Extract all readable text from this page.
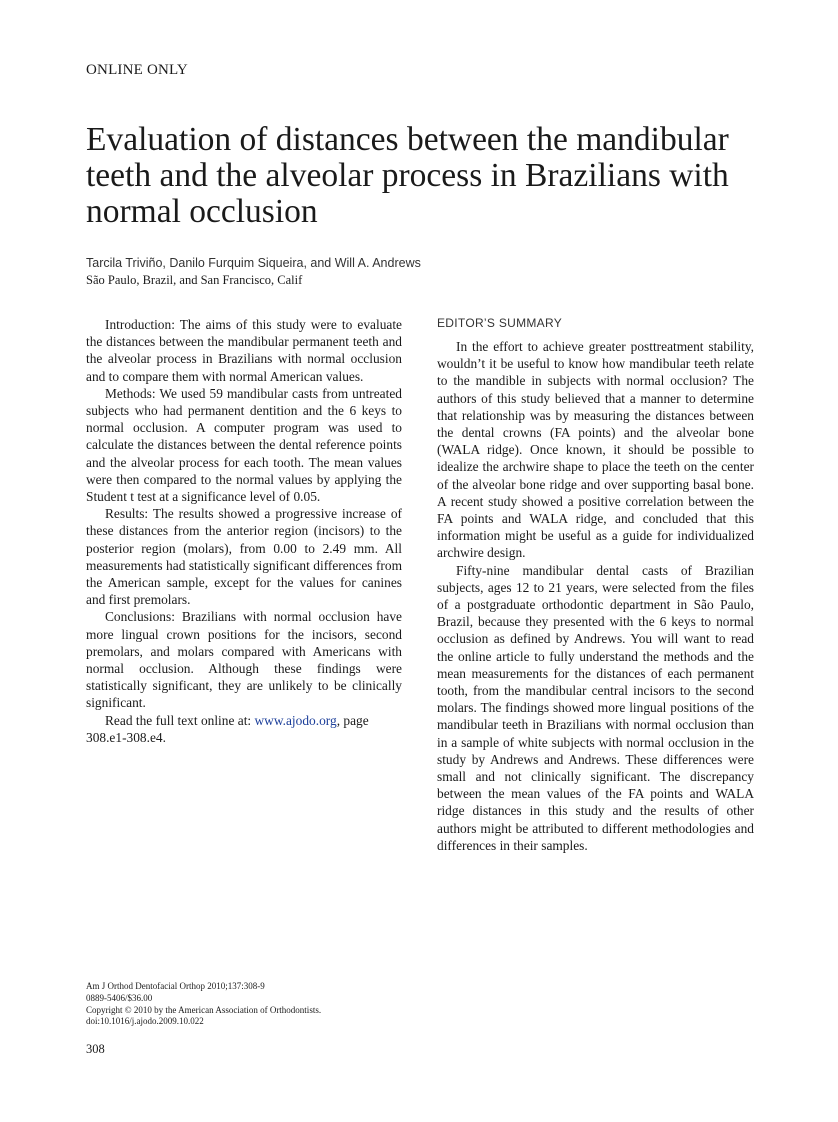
ONLINE ONLY
Evaluation of distances between the mandibular teeth and the alveolar process in Brazilians with normal occlusion
Tarcila Triviño, Danilo Furquim Siqueira, and Will A. Andrews
São Paulo, Brazil, and San Francisco, Calif

Introduction: The aims of this study were to evaluate the distances between the mandibular permanent teeth and the alveolar process in Brazilians with normal occlusion and to compare them with normal American values.

Methods: We used 59 mandibular casts from untreated subjects who had permanent dentition and the 6 keys to normal occlusion. A computer program was used to calculate the distances between the dental reference points and the alveolar process for each tooth. The mean values were then compared to the normal values by applying the Student t test at a significance level of 0.05.

Results: The results showed a progressive increase of these distances from the anterior region (incisors) to the posterior region (molars), from 0.00 to 2.49 mm. All measurements had statistically significant differences from the American sample, except for the values for canines and first premolars.

Conclusions: Brazilians with normal occlusion have more lingual crown positions for the incisors, second premolars, and molars compared with Americans with normal occlusion. Although these findings were statistically significant, they are unlikely to be clinically significant.

Read the full text online at: www.ajodo.org, page 308.e1-308.e4.

EDITOR’S SUMMARY

In the effort to achieve greater posttreatment stability, wouldn’t it be useful to know how mandibular teeth relate to the mandible in subjects with normal occlusion? The authors of this study believed that a manner to determine that relationship was by measuring the distances between the dental crowns (FA points) and the alveolar bone (WALA ridge). Once known, it should be possible to idealize the archwire shape to place the teeth on the center of the alveolar bone ridge and over supporting basal bone. A recent study showed a positive correlation between the FA points and WALA ridge, and concluded that this information might be useful as a guide for individualized archwire design.

Fifty-nine mandibular dental casts of Brazilian subjects, ages 12 to 21 years, were selected from the files of a postgraduate orthodontic department in São Paulo, Brazil, because they presented with the 6 keys to normal occlusion as defined by Andrews. You will want to read the online article to fully understand the methods and the mean measurements for the distances of each permanent tooth, from the mandibular central incisors to the second molars. The findings showed more lingual positions of the mandibular teeth in Brazilians with normal occlusion than in a sample of white subjects with normal occlusion in the study by Andrews and Andrews. These differences were small and not clinically significant. The discrepancy between the mean values of the FA points and WALA ridge distances in this study and the results of other authors might be attributed to different methodologies and differences in their samples.

Am J Orthod Dentofacial Orthop 2010;137:308-9
0889-5406/$36.00
Copyright © 2010 by the American Association of Orthodontists.
doi:10.1016/j.ajodo.2009.10.022
308
